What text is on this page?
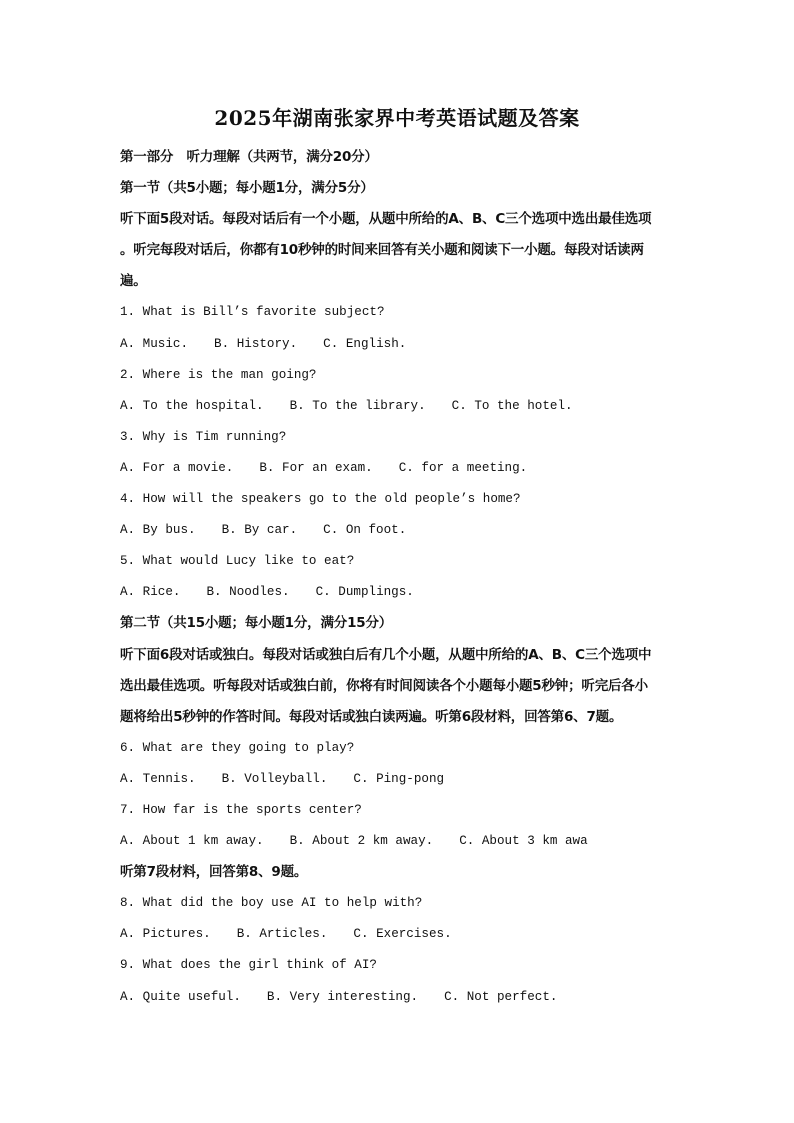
2025年湖南张家界中考英语试题及答案
第一部分　听力理解（共两节，满分20分）
第一节（共5小题；每小题1分，满分5分）
听下面5段对话。每段对话后有一个小题，从题中所给的A、B、C三个选项中选出最佳选项
。听完每段对话后，你都有10秒钟的时间来回答有关小题和阅读下一小题。每段对话读两
遍。
1. What is Bill’s favorite subject?
A. Music. B. History. C. English.
2. Where is the man going?
A. To the hospital. B. To the library. C. To the hotel.
3. Why is Tim running?
A. For a movie. B. For an exam. C. for a meeting.
4. How will the speakers go to the old people’s home?
A. By bus. B. By car. C. On foot.
5. What would Lucy like to eat?
A. Rice. B. Noodles. C. Dumplings.
第二节（共15小题；每小题1分，满分15分）
听下面6段对话或独白。每段对话或独白后有几个小题，从题中所给的A、B、C三个选项中
选出最佳选项。听每段对话或独白前，你将有时间阅读各个小题每小题5秒钟；听完后各小
题将给出5秒钟的作答时间。每段对话或独白读两遍。听第6段材料，回答第6、7题。
6. What are they going to play?
A. Tennis. B. Volleyball. C. Ping-pong
7. How far is the sports center?
A. About 1 km away. B. About 2 km away. C. About 3 km awa
听第7段材料，回答第8、9题。
8. What did the boy use AI to help with?
A. Pictures. B. Articles. C. Exercises.
9. What does the girl think of AI?
A. Quite useful. B. Very interesting. C. Not perfect.
